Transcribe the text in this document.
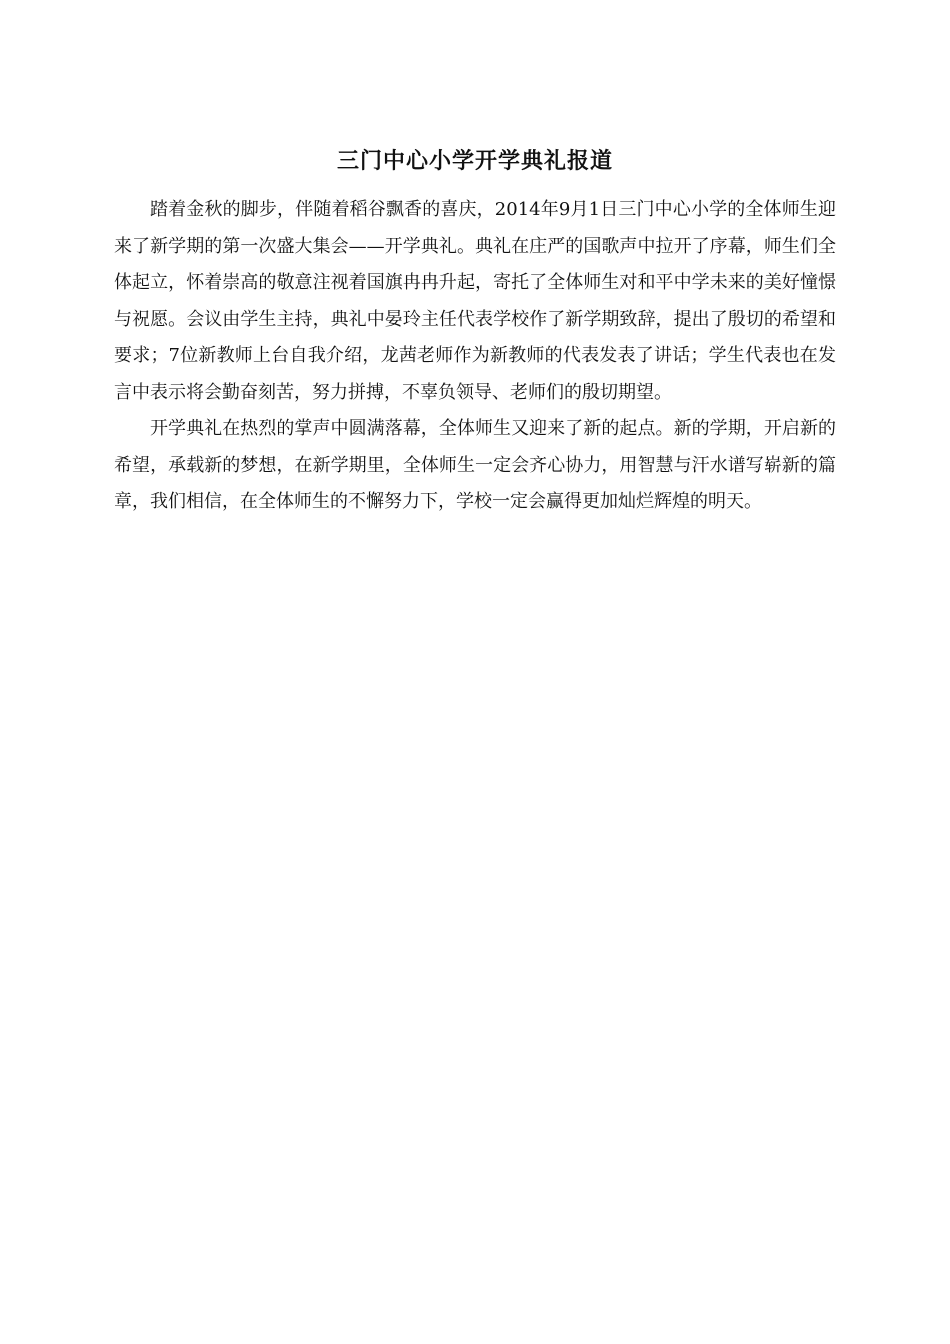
三门中心小学开学典礼报道

踏着金秋的脚步，伴随着稻谷飘香的喜庆，2014年9月1日三门中心小学的全体师生迎来了新学期的第一次盛大集会——开学典礼。典礼在庄严的国歌声中拉开了序幕，师生们全体起立，怀着崇高的敬意注视着国旗冉冉升起，寄托了全体师生对和平中学未来的美好憧憬与祝愿。会议由学生主持，典礼中晏玲主任代表学校作了新学期致辞，提出了殷切的希望和要求；7位新教师上台自我介绍，龙茜老师作为新教师的代表发表了讲话；学生代表也在发言中表示将会勤奋刻苦，努力拼搏，不辜负领导、老师们的殷切期望。

开学典礼在热烈的掌声中圆满落幕，全体师生又迎来了新的起点。新的学期，开启新的希望，承载新的梦想，在新学期里，全体师生一定会齐心协力，用智慧与汗水谱写崭新的篇章，我们相信，在全体师生的不懈努力下，学校一定会赢得更加灿烂辉煌的明天。
